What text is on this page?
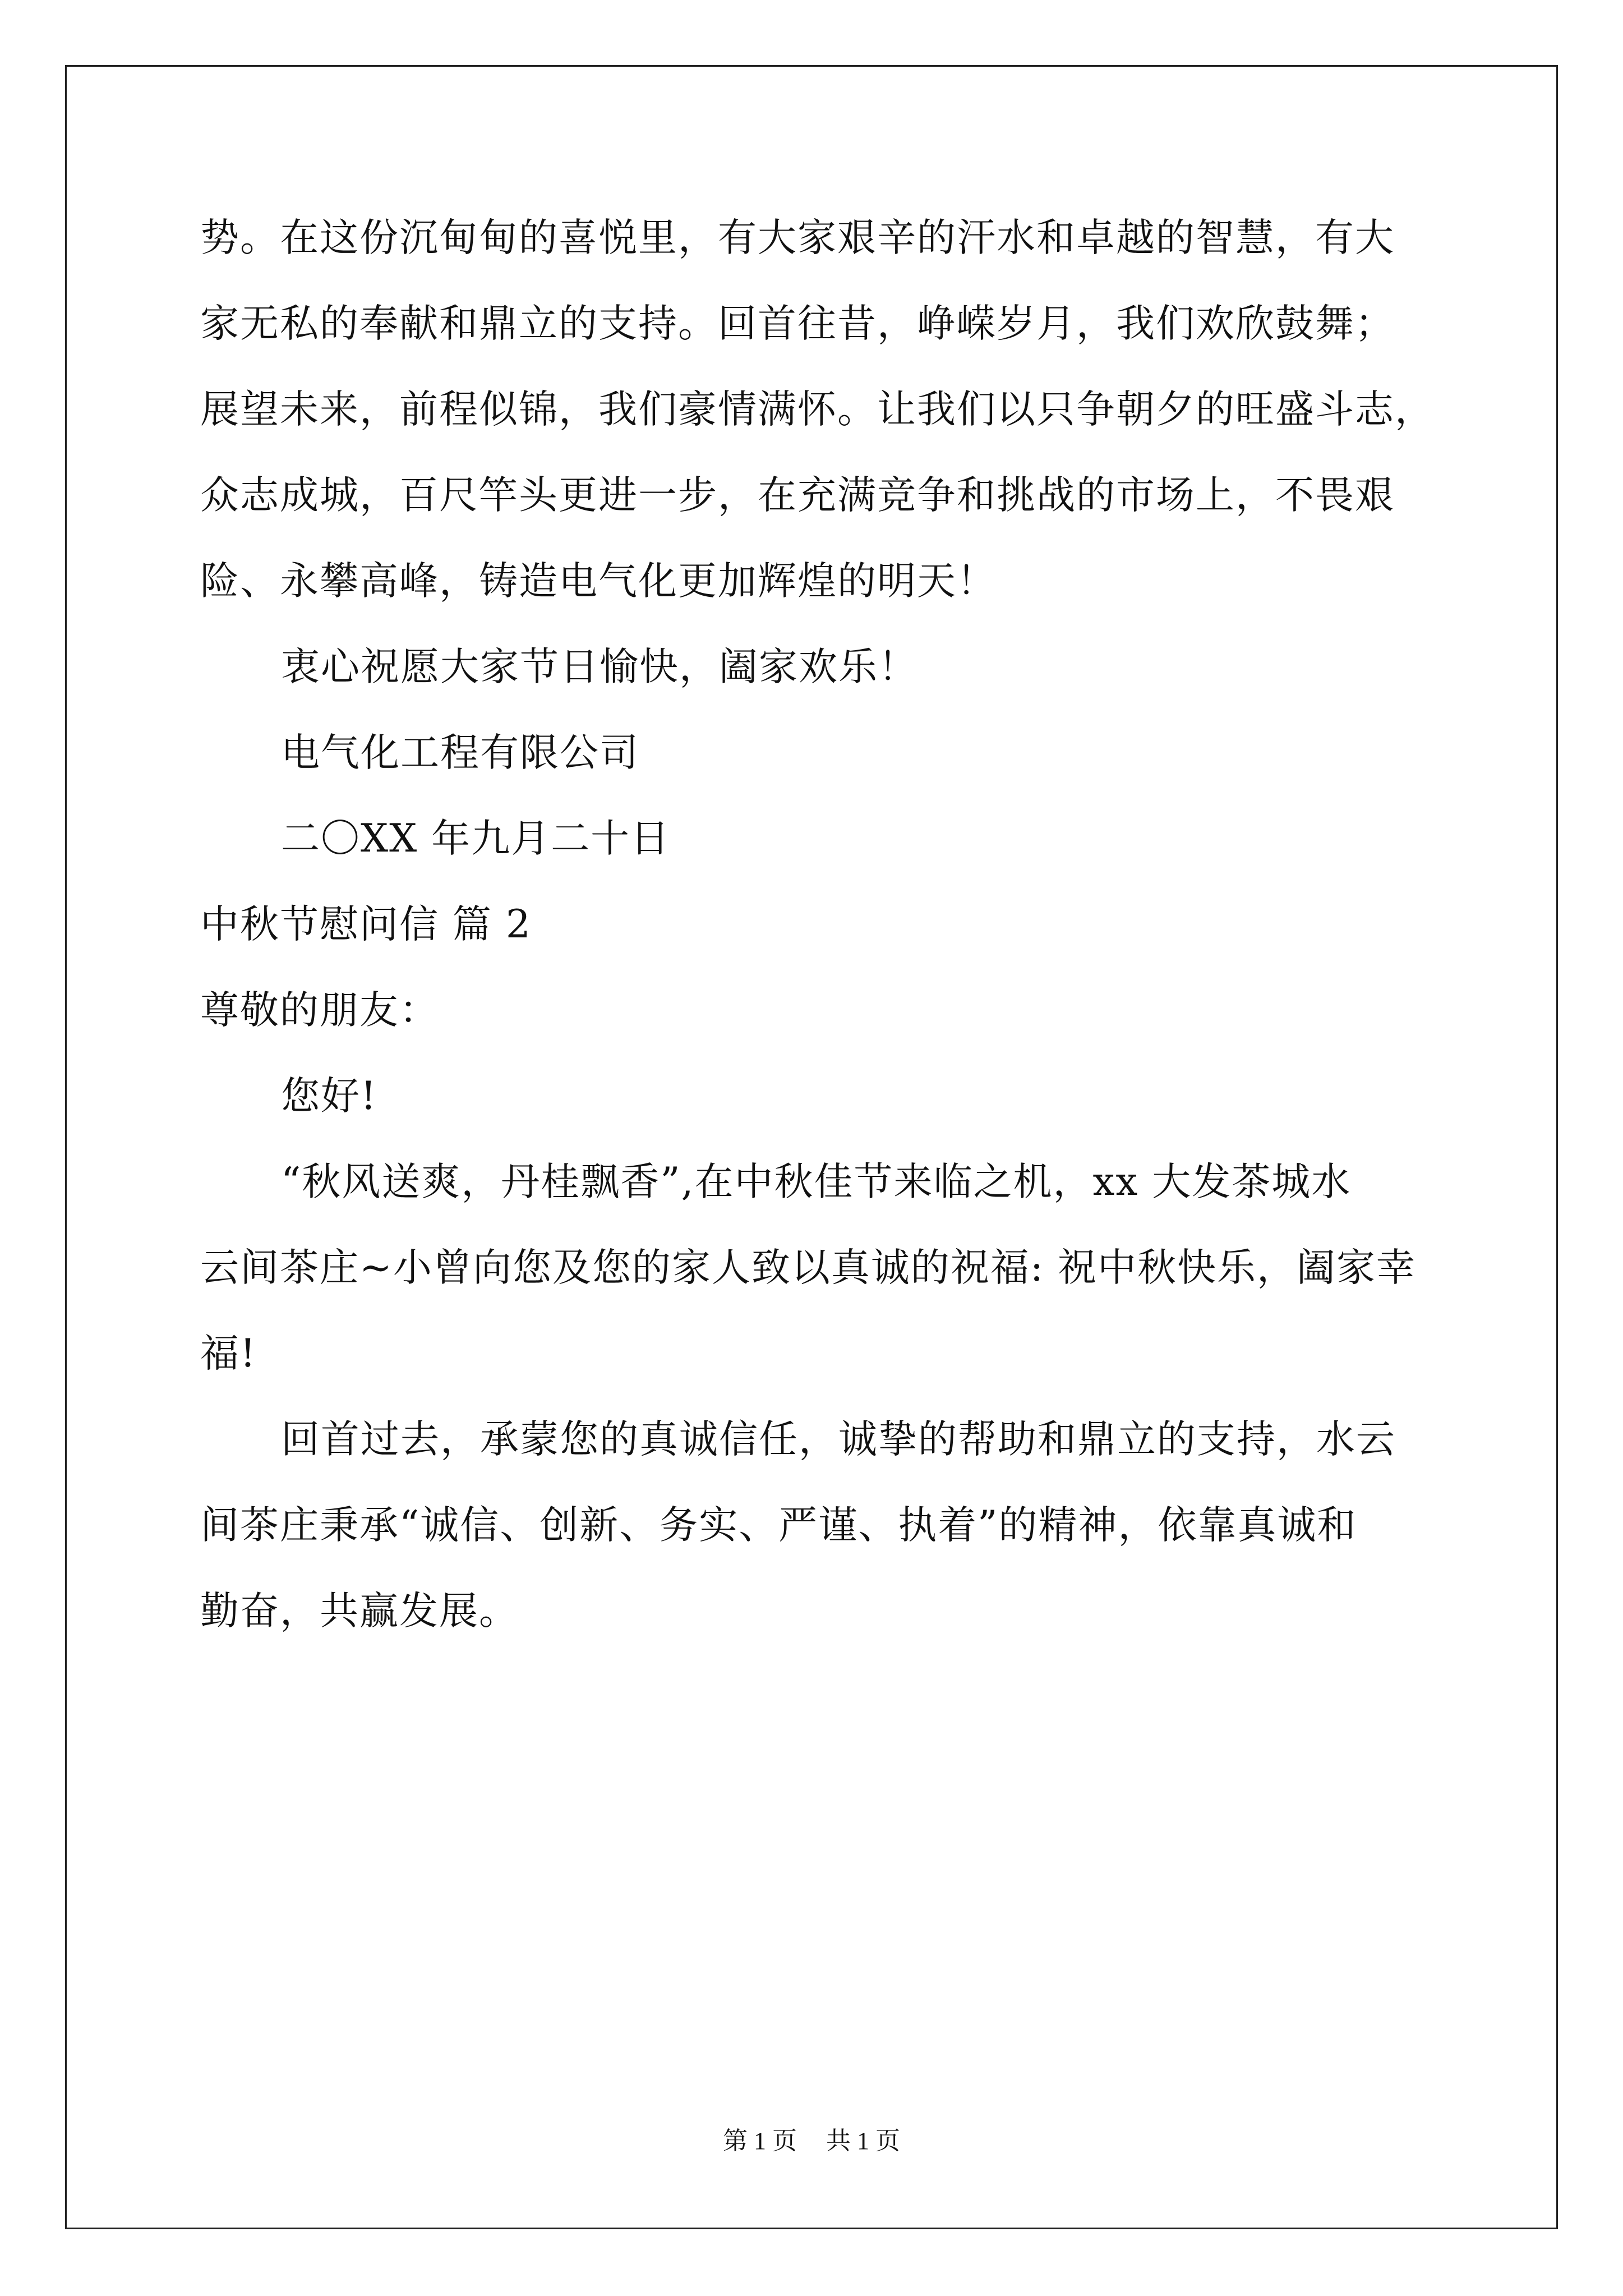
势。在这份沉甸甸的喜悦里，有大家艰辛的汗水和卓越的智慧，有大

家无私的奉献和鼎立的支持。回首往昔，峥嵘岁月，我们欢欣鼓舞；

展望未来，前程似锦，我们豪情满怀。让我们以只争朝夕的旺盛斗志，

众志成城，百尺竿头更进一步，在充满竞争和挑战的市场上，不畏艰

险、永攀高峰，铸造电气化更加辉煌的明天！

衷心祝愿大家节日愉快，阖家欢乐！

电气化工程有限公司

二〇XX 年九月二十日

中秋节慰问信 篇 2

尊敬的朋友：

您好!

“秋风送爽，丹桂飘香”,在中秋佳节来临之机，xx 大发茶城水

云间茶庄~小曾向您及您的家人致以真诚的祝福: 祝中秋快乐，阖家幸

福!

回首过去，承蒙您的真诚信任，诚挚的帮助和鼎立的支持，水云

间茶庄秉承“诚信、创新、务实、严谨、执着”的精神，依靠真诚和

勤奋，共赢发展。

第 1 页 共 1 页
